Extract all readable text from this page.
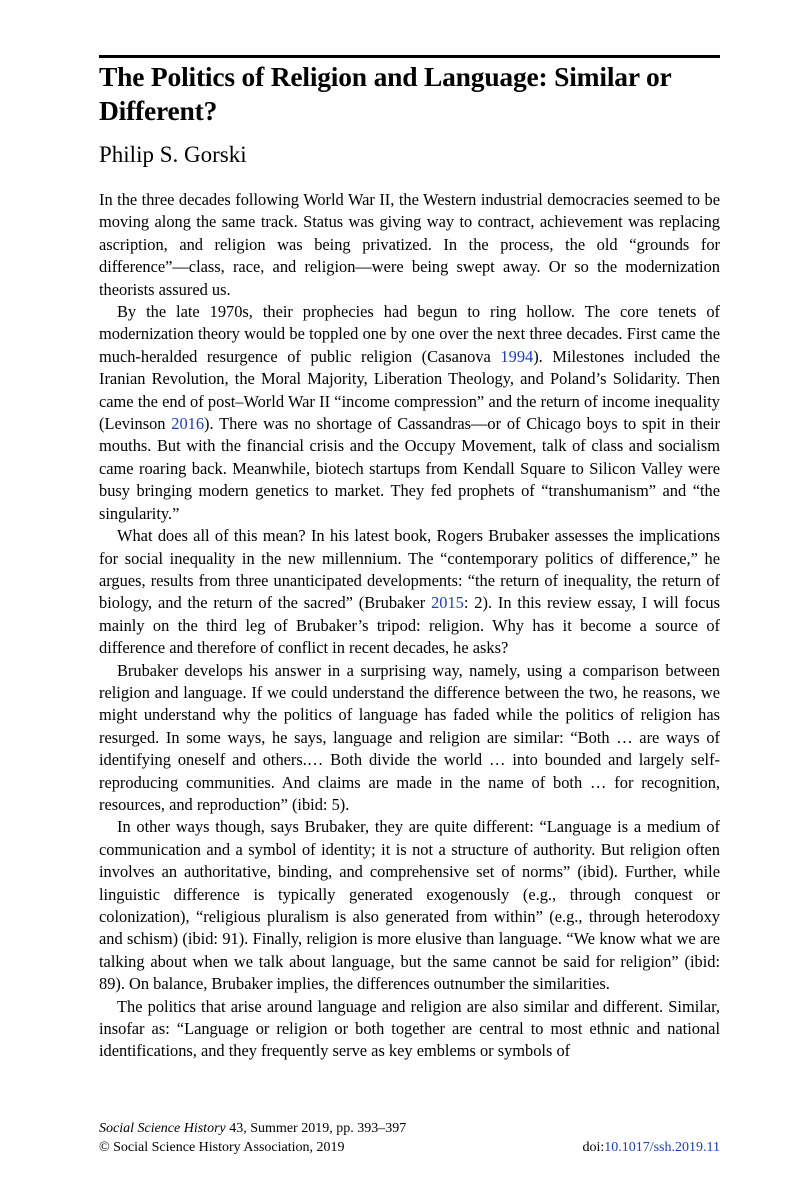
The Politics of Religion and Language: Similar or Different?

Philip S. Gorski

In the three decades following World War II, the Western industrial democracies seemed to be moving along the same track. Status was giving way to contract, achievement was replacing ascription, and religion was being privatized. In the process, the old “grounds for difference”—class, race, and religion—were being swept away. Or so the modernization theorists assured us.

By the late 1970s, their prophecies had begun to ring hollow. The core tenets of modernization theory would be toppled one by one over the next three decades. First came the much-heralded resurgence of public religion (Casanova 1994). Milestones included the Iranian Revolution, the Moral Majority, Liberation Theology, and Poland’s Solidarity. Then came the end of post–World War II “income compression” and the return of income inequality (Levinson 2016). There was no shortage of Cassandras—or of Chicago boys to spit in their mouths. But with the financial crisis and the Occupy Movement, talk of class and socialism came roaring back. Meanwhile, biotech startups from Kendall Square to Silicon Valley were busy bringing modern genetics to market. They fed prophets of “transhumanism” and “the singularity.”

What does all of this mean? In his latest book, Rogers Brubaker assesses the implications for social inequality in the new millennium. The “contemporary politics of difference,” he argues, results from three unanticipated developments: “the return of inequality, the return of biology, and the return of the sacred” (Brubaker 2015: 2). In this review essay, I will focus mainly on the third leg of Brubaker’s tripod: religion. Why has it become a source of difference and therefore of conflict in recent decades, he asks?

Brubaker develops his answer in a surprising way, namely, using a comparison between religion and language. If we could understand the difference between the two, he reasons, we might understand why the politics of language has faded while the politics of religion has resurged. In some ways, he says, language and religion are similar: “Both … are ways of identifying oneself and others.… Both divide the world … into bounded and largely self-reproducing communities. And claims are made in the name of both … for recognition, resources, and reproduction” (ibid: 5).

In other ways though, says Brubaker, they are quite different: “Language is a medium of communication and a symbol of identity; it is not a structure of authority. But religion often involves an authoritative, binding, and comprehensive set of norms” (ibid). Further, while linguistic difference is typically generated exogenously (e.g., through conquest or colonization), “religious pluralism is also generated from within” (e.g., through heterodoxy and schism) (ibid: 91). Finally, religion is more elusive than language. “We know what we are talking about when we talk about language, but the same cannot be said for religion” (ibid: 89). On balance, Brubaker implies, the differences outnumber the similarities.

The politics that arise around language and religion are also similar and different. Similar, insofar as: “Language or religion or both together are central to most ethnic and national identifications, and they frequently serve as key emblems or symbols of

Social Science History 43, Summer 2019, pp. 393–397
© Social Science History Association, 2019	doi:10.1017/ssh.2019.11
